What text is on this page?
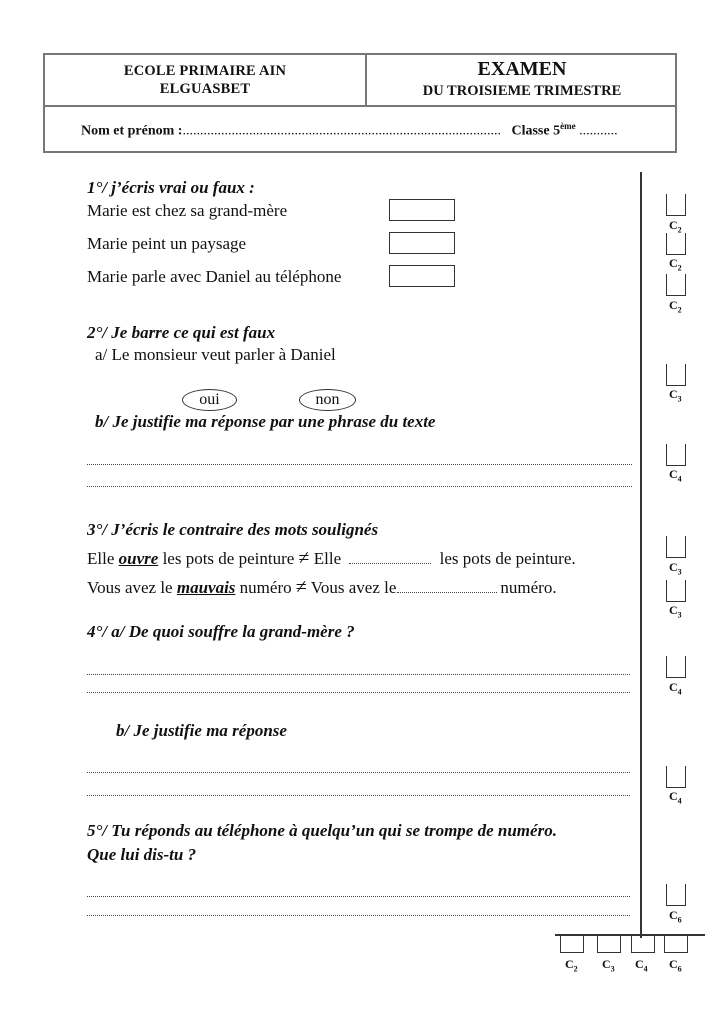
ECOLE PRIMAIRE AIN
ELGUASBET
EXAMEN
DU TROISIEME TRIMESTRE
Nom et prénom :........................................................................................... Classe 5ème ...........
1°/ j’écris vrai ou faux :
Marie est chez sa grand-mère
Marie peint un paysage
Marie parle avec Daniel au téléphone
2°/ Je barre ce qui est faux
a/ Le monsieur veut parler à Daniel
oui	non
b/ Je justifie ma réponse par une phrase du texte
3°/ J’écris le contraire des mots soulignés
Elle ouvre les pots de peinture ≠ Elle	les pots de peinture.
Vous avez le mauvais numéro ≠ Vous avez le	numéro.
4°/ a/ De quoi souffre la grand-mère ?
b/ Je justifie ma réponse
5°/ Tu réponds au téléphone à quelqu’un qui se trompe de numéro.
Que lui dis-tu ?
$C_2$
$C_2$
$C_2$
$C_3$
$C_4$
$C_3$
$C_3$
$C_4$
$C_4$
$C_6$
$C_2$ $C_3$ $C_4$ $C_6$
